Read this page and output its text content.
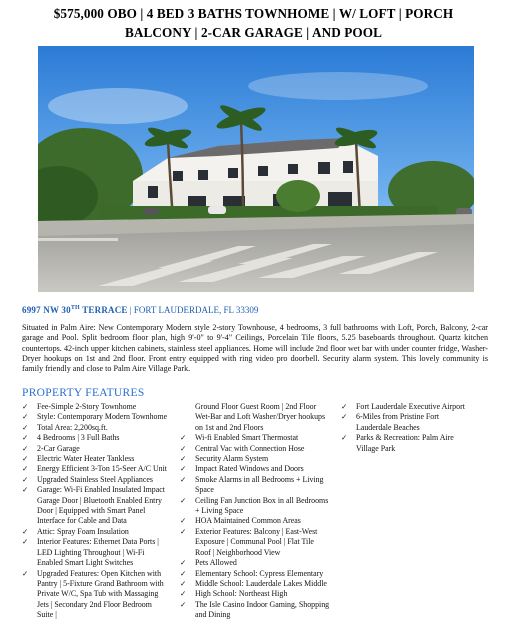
$575,000 OBO | 4 BED 3 BATHS TOWNHOME | W/ LOFT | PORCH
BALCONY | 2-CAR GARAGE | AND POOL
6997 NW 30TH TERRACE | FORT LAUDERDALE, FL 33309

Situated in Palm Aire: New Contemporary Modern style 2-story Townhouse, 4 bedrooms, 3 full bathrooms with Loft, Porch, Balcony, 2-car garage and Pool. Split bedroom floor plan, high 9'-0" to 9'-4" Ceilings, Porcelain Tile floors, 5.25 baseboards throughout. Quartz kitchen countertops. 42-inch upper kitchen cabinets, stainless steel appliances. Home will include 2nd floor wet bar with under counter fridge, Washer-Dryer hookups on 1st and 2nd floor. Front entry equipped with ring video pro doorbell. Security alarm system. This lovely community is family friendly and close to Palm Aire Village Park.

PROPERTY FEATURES
✓ Fee-Simple 2-Story Townhome
✓ Style: Contemporary Modern Townhome
✓ Total Area: 2,200sq.ft.
✓ 4 Bedrooms | 3 Full Baths
✓ 2-Car Garage
✓ Electric Water Heater Tankless
✓ Energy Efficient 3-Ton 15-Seer A/C Unit
✓ Upgraded Stainless Steel Appliances
✓ Garage: Wi-Fi Enabled Insulated Impact Garage Door | Bluetooth Enabled Entry Door | Equipped with Smart Panel Interface for Cable and Data
✓ Attic: Spray Foam Insulation
✓ Interior Features: Ethernet Data Ports | LED Lighting Throughout | Wi-Fi Enabled Smart Light Switches
✓ Upgraded Features: Open Kitchen with Pantry | 5-Fixture Grand Bathroom with Private W/C, Spa Tub with Massaging Jets | Secondary 2nd Floor Bedroom Suite |
Ground Floor Guest Room | 2nd Floor Wet-Bar and Loft Washer/Dryer hookups on 1st and 2nd Floors
✓ Wi-fi Enabled Smart Thermostat
✓ Central Vac with Connection Hose
✓ Security Alarm System
✓ Impact Rated Windows and Doors
✓ Smoke Alarms in all Bedrooms + Living Space
✓ Ceiling Fan Junction Box in all Bedrooms + Living Space
✓ HOA Maintained Common Areas
✓ Exterior Features: Balcony | East-West Exposure | Communal Pool | Flat Tile Roof | Neighborhood View
✓ Pets Allowed
✓ Elementary School: Cypress Elementary
✓ Middle School: Lauderdale Lakes Middle
✓ High School: Northeast High
✓ The Isle Casino Indoor Gaming, Shopping and Dining
✓ Fort Lauderdale Executive Airport
✓ 6-Miles from Pristine Fort Lauderdale Beaches
✓ Parks & Recreation: Palm Aire Village Park
